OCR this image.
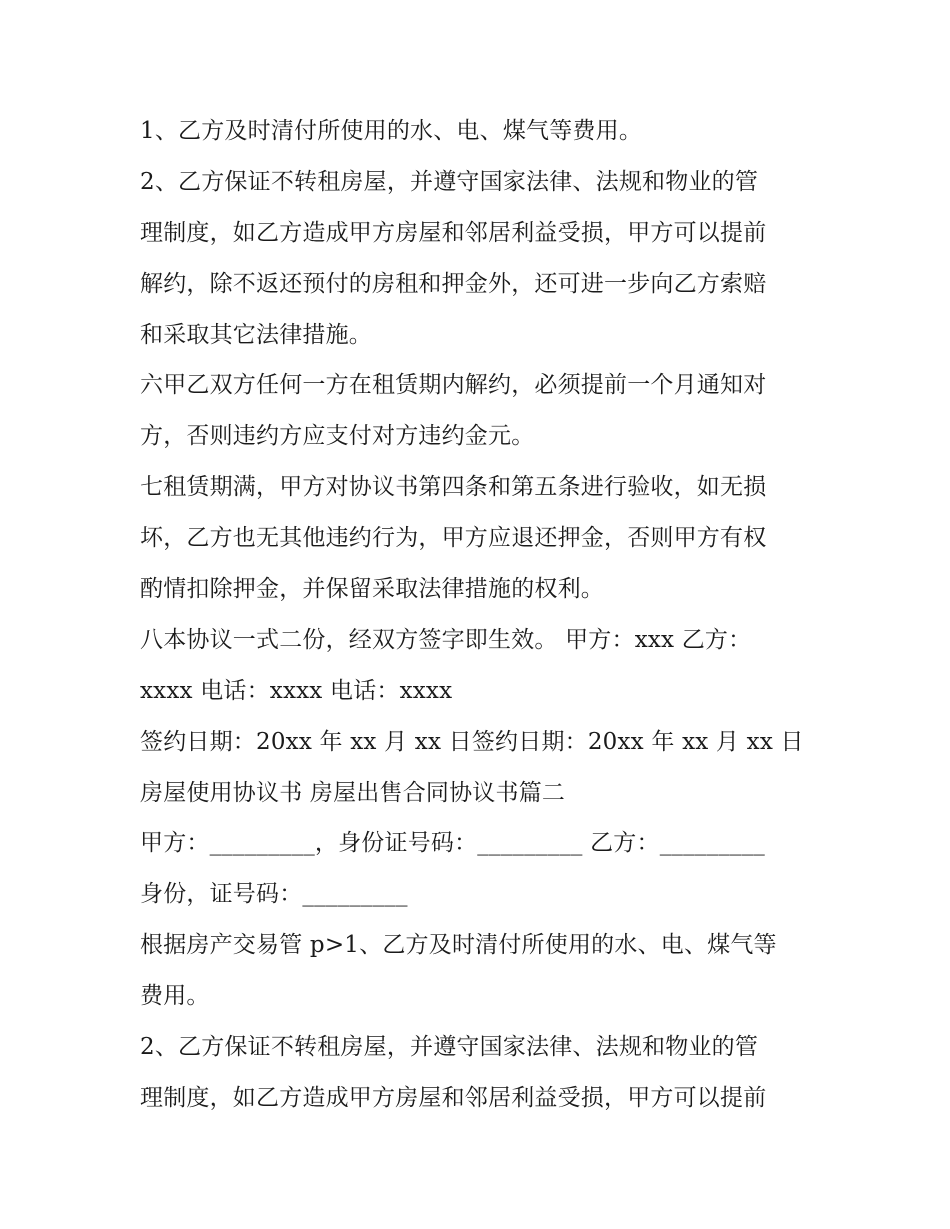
1、乙方及时清付所使用的水、电、煤气等费用。
2、乙方保证不转租房屋，并遵守国家法律、法规和物业的管
理制度，如乙方造成甲方房屋和邻居利益受损，甲方可以提前
解约，除不返还预付的房租和押金外，还可进一步向乙方索赔
和采取其它法律措施。
六甲乙双方任何一方在租赁期内解约，必须提前一个月通知对
方，否则违约方应支付对方违约金元。
七租赁期满，甲方对协议书第四条和第五条进行验收，如无损
坏，乙方也无其他违约行为，甲方应退还押金，否则甲方有权
酌情扣除押金，并保留采取法律措施的权利。
八本协议一式二份，经双方签字即生效。 甲方：xxx 乙方：
xxxx 电话：xxxx 电话：xxxx
签约日期：20xx 年 xx 月 xx 日签约日期：20xx 年 xx 月 xx 日
房屋使用协议书 房屋出售合同协议书篇二
甲方：_________，身份证号码：_________ 乙方：_________
身份，证号码：_________
根据房产交易管 p>1、乙方及时清付所使用的水、电、煤气等
费用。
2、乙方保证不转租房屋，并遵守国家法律、法规和物业的管
理制度，如乙方造成甲方房屋和邻居利益受损，甲方可以提前
